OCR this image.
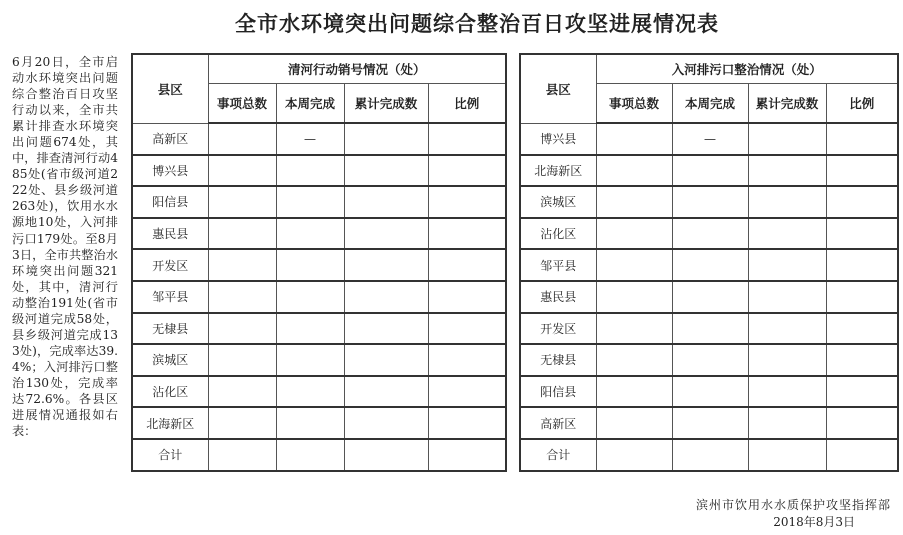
全市水环境突出问题综合整治百日攻坚进展情况表
6月20日，全市启动水环境突出问题综合整治百日攻坚行动以来，全市共累计排查水环境突出问题674处，其中，排查清河行动485处(省市级河道222处、县乡级河道263处)，饮用水水源地10处，入河排污口179处。至8月3日，全市共整治水环境突出问题321处，其中，清河行动整治191处(省市级河道完成58处，县乡级河道完成133处)，完成率达39.4%；入河排污口整治130处，完成率达72.6%。各县区进展情况通报如右表：
县区	清河行动销号情况（处）			
	事项总数	本周完成	累计完成数	比例
高新区		—		
博兴县				
阳信县				
惠民县				
开发区				
邹平县				
无棣县				
滨城区				
沾化区				
北海新区				
合计				
县区	入河排污口整治情况（处）			
	事项总数	本周完成	累计完成数	比例
博兴县		—		
北海新区				
滨城区				
沾化区				
邹平县				
惠民县				
开发区				
无棣县				
阳信县				
高新区				
合计				
滨州市饮用水水质保护攻坚指挥部
2018年8月3日
